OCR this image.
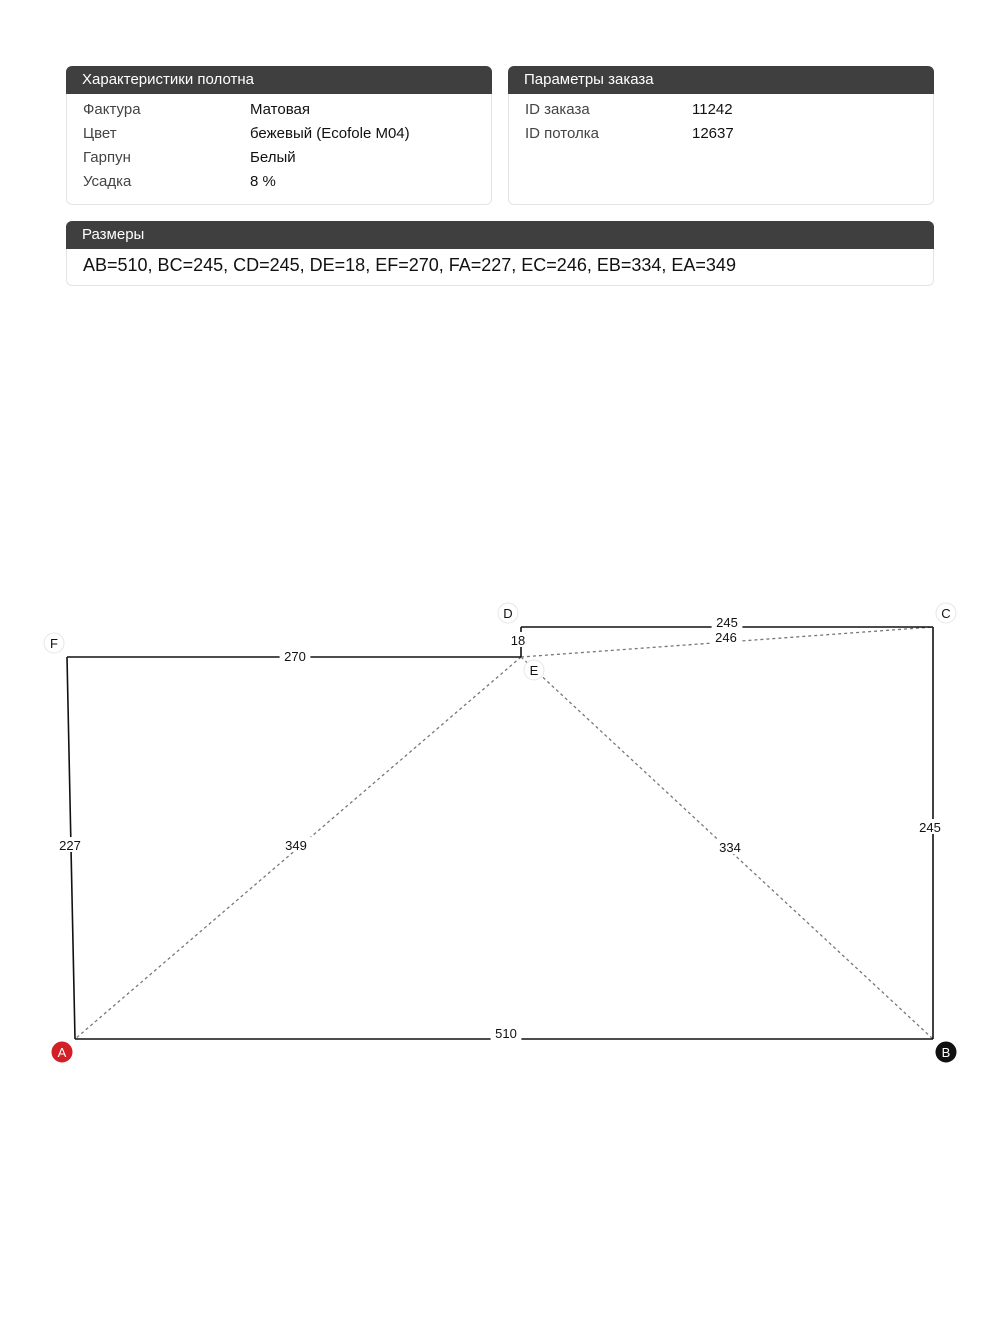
Характеристики полотна
Фактура	Матовая
Цвет	бежевый (Ecofole M04)
Гарпун	Белый
Усадка	8 %
Параметры заказа
ID заказа	11242
ID потолка	12637
Размеры
AB=510, BC=245, CD=245, DE=18, EF=270, FA=227, EC=246, EB=334, EA=349
246
334
349
510
245
245
18
270
227
A	B
C
D
E
F
